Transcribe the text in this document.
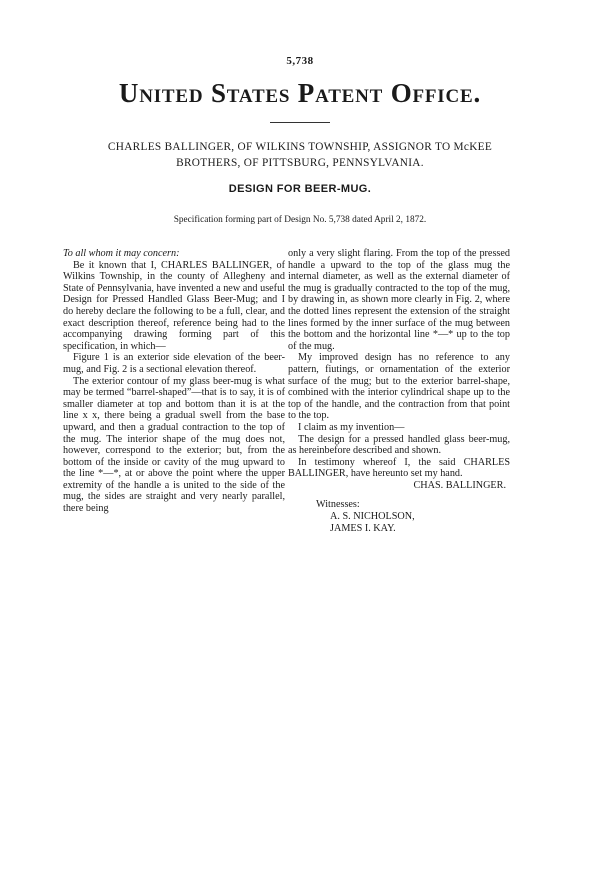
5,738
United States Patent Office.
CHARLES BALLINGER, OF WILKINS TOWNSHIP, ASSIGNOR TO McKEE
BROTHERS, OF PITTSBURG, PENNSYLVANIA.
DESIGN FOR BEER-MUG.
Specification forming part of Design No. 5,738 dated April 2, 1872.
To all whom it may concern:

Be it known that I, CHARLES BALLINGER, of Wilkins Township, in the county of Allegheny and State of Pennsylvania, have invented a new and useful Design for Pressed Handled Glass Beer-Mug; and I do hereby declare the following to be a full, clear, and exact description thereof, reference being had to the accompanying drawing forming part of this specification, in which—

Figure 1 is an exterior side elevation of the beer-mug, and Fig. 2 is a sectional elevation thereof.

The exterior contour of my glass beer-mug is what may be termed “barrel-shaped”—that is to say, it is of smaller diameter at top and bottom than it is at the line x x, there being a gradual swell from the base upward, and then a gradual contraction to the top of the mug. The interior shape of the mug does not, however, correspond to the exterior; but, from the bottom of the inside or cavity of the mug upward to the line *—*, at or above the point where the upper extremity of the handle a is united to the side of the mug, the sides are straight and very nearly parallel, there being

only a very slight flaring. From the top of the pressed handle a upward to the top of the glass mug the internal diameter, as well as the external diameter of the mug is gradually contracted to the top of the mug, by drawing in, as shown more clearly in Fig. 2, where the dotted lines represent the extension of the straight lines formed by the inner surface of the mug between the bottom and the horizontal line *—* up to the top of the mug.

My improved design has no reference to any pattern, fiutings, or ornamentation of the exterior surface of the mug; but to the exterior barrel-shape, combined with the interior cylindrical shape up to the top of the handle, and the contraction from that point to the top.

I claim as my invention—

The design for a pressed handled glass beer-mug, as hereinbefore described and shown.

In testimony whereof I, the said CHARLES BALLINGER, have hereunto set my hand.

CHAS. BALLINGER.

Witnesses:

A. S. NICHOLSON,

JAMES I. KAY.
